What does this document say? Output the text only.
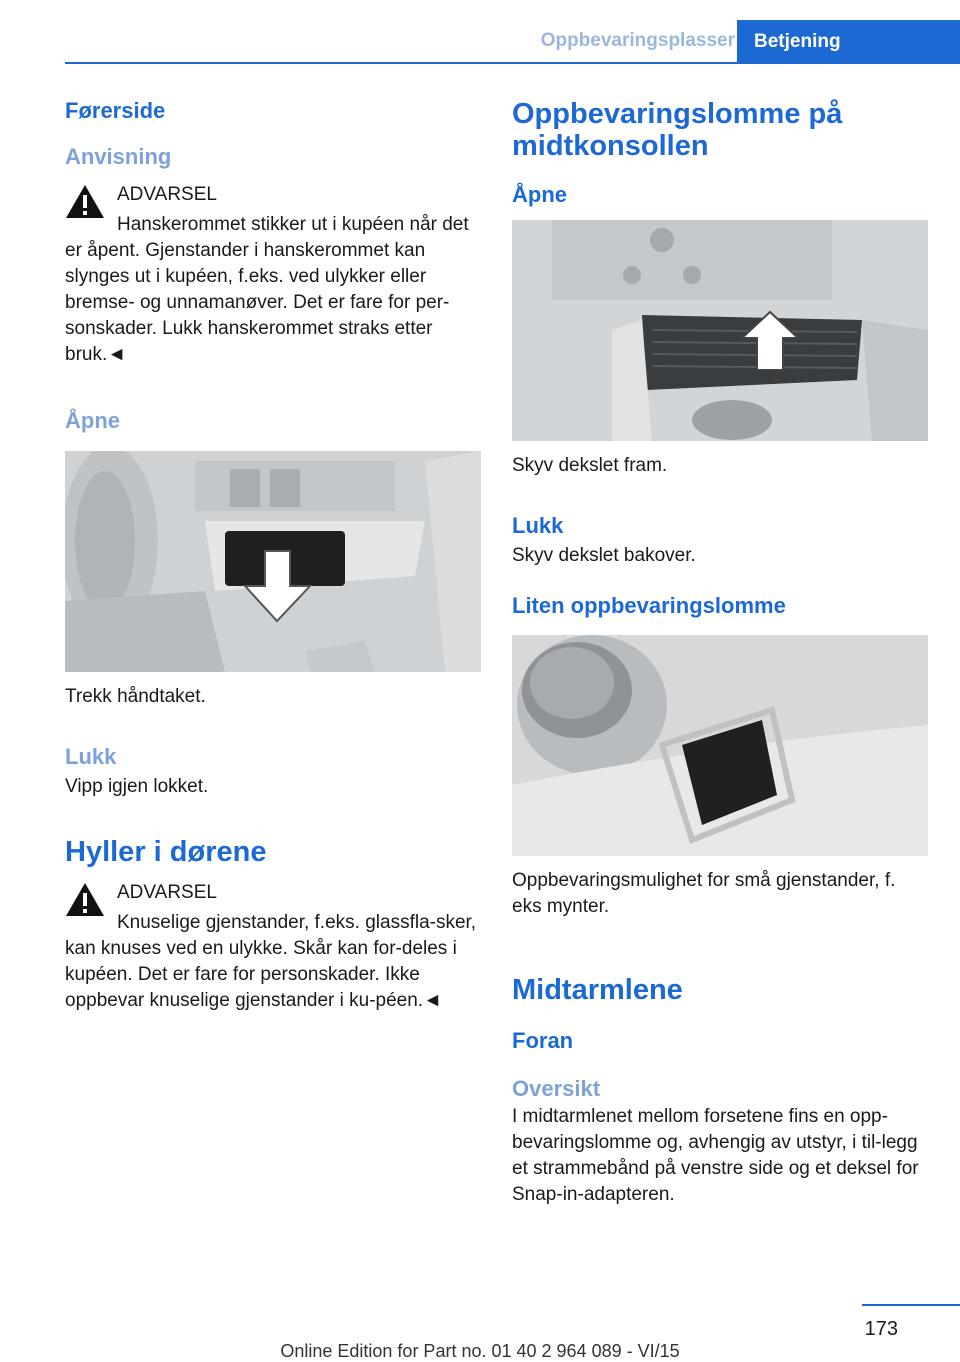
Oppbevaringsplasser	Betjening
Førerside
Anvisning
ADVARSEL

Hanskerommet stikker ut i kupéen når det er åpent. Gjenstander i hanskerommet kan slynges ut i kupéen, f.eks. ved ulykker eller bremse- og unnamanøver. Det er fare for per-sonskader. Lukk hanskerommet straks etter bruk.◄

Åpne

Trekk håndtaket.

Lukk

Vipp igjen lokket.

Hyller i dørene
ADVARSEL

Knuselige gjenstander, f.eks. glassfla-sker, kan knuses ved en ulykke. Skår kan for-deles i kupéen. Det er fare for personskader. Ikke oppbevar knuselige gjenstander i ku-péen.◄

Oppbevaringslomme på midtkonsollen
Åpne

Skyv dekslet fram.

Lukk

Skyv dekslet bakover.

Liten oppbevaringslomme

Oppbevaringsmulighet for små gjenstander, f. eks mynter.

Midtarmlene
Foran
Oversikt

I midtarmlenet mellom forsetene fins en opp-bevaringslomme og, avhengig av utstyr, i til-legg et strammebånd på venstre side og et deksel for Snap-in-adapteren.

173
Online Edition for Part no. 01 40 2 964 089 - VI/15
